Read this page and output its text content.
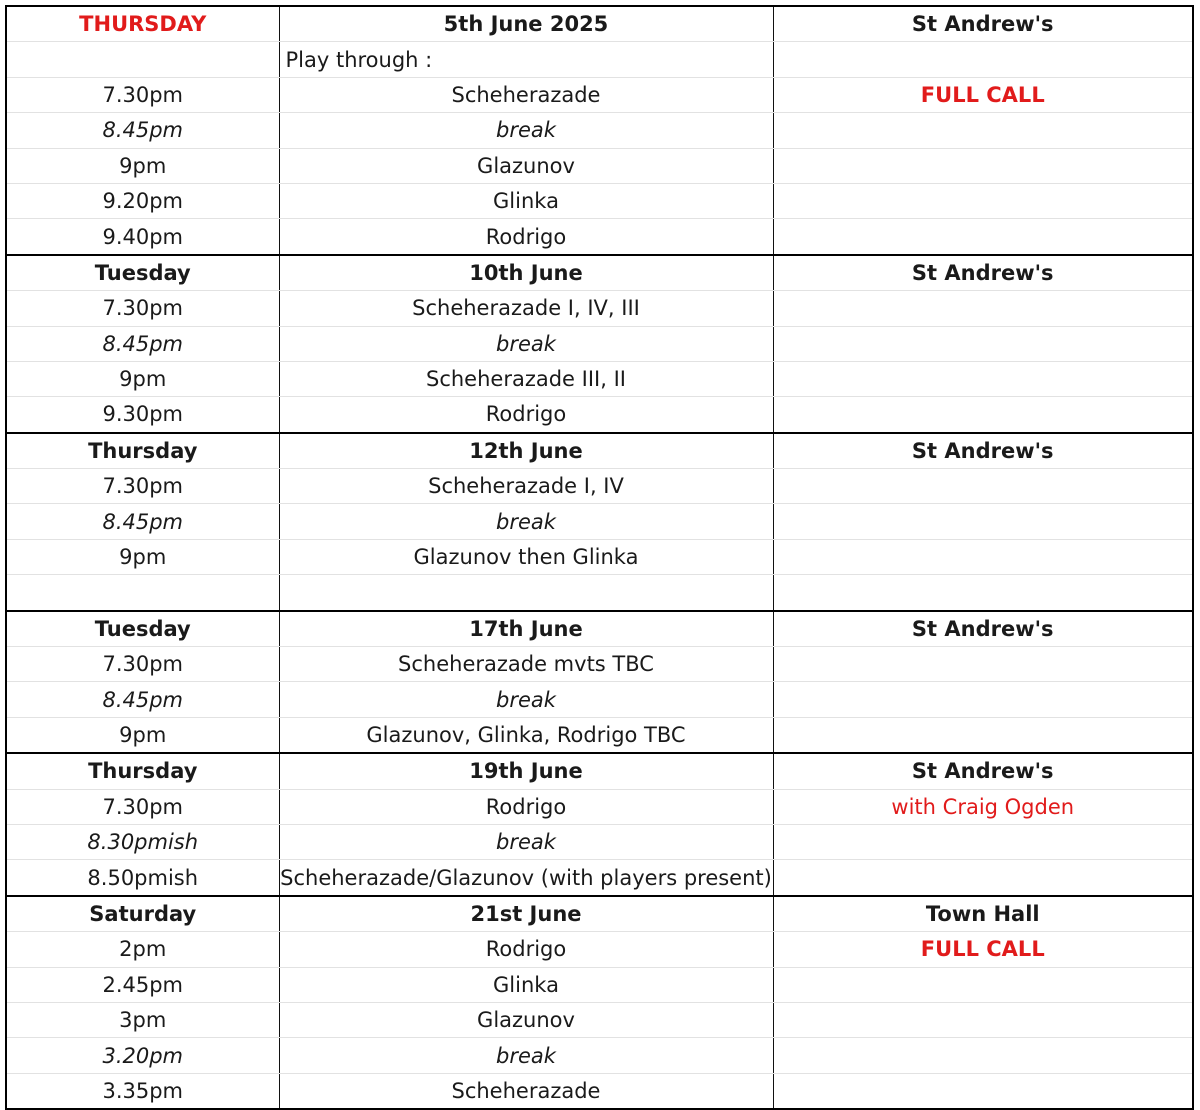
THURSDAY	5th June 2025	St Andrew's
	Play through :	
7.30pm	Scheherazade	FULL CALL
8.45pm	break	
9pm	Glazunov	
9.20pm	Glinka	
9.40pm	Rodrigo	
Tuesday	10th June	St Andrew's
7.30pm	Scheherazade I, IV, III	
8.45pm	break	
9pm	Scheherazade III, II	
9.30pm	Rodrigo	
Thursday	12th June	St Andrew's
7.30pm	Scheherazade I, IV	
8.45pm	break	
9pm	Glazunov then Glinka	

Tuesday	17th June	St Andrew's
7.30pm	Scheherazade mvts TBC	
8.45pm	break	
9pm	Glazunov, Glinka, Rodrigo TBC	
Thursday	19th June	St Andrew's
7.30pm	Rodrigo	with Craig Ogden
8.30pmish	break	
8.50pmish	Scheherazade/Glazunov (with players present)	
Saturday	21st June	Town Hall
2pm	Rodrigo	FULL CALL
2.45pm	Glinka	
3pm	Glazunov	
3.20pm	break	
3.35pm	Scheherazade	
